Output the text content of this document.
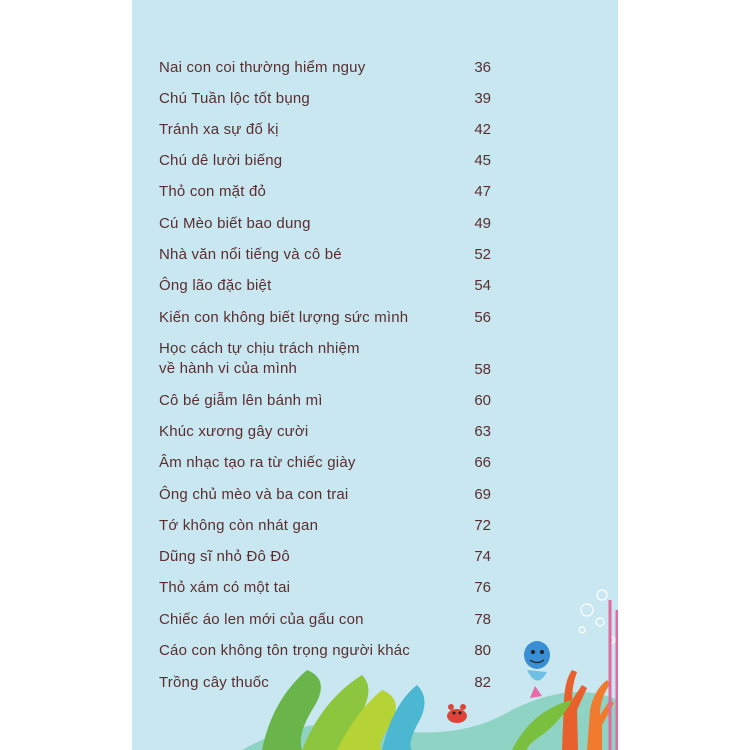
Nai con coi thường hiểm nguy	36
Chú Tuần lộc tốt bụng	39
Tránh xa sự đố kị	42
Chú dê lười biếng	45
Thỏ con mặt đỏ	47
Cú Mèo biết bao dung	49
Nhà văn nổi tiếng và cô bé	52
Ông lão đặc biệt	54
Kiến con không biết lượng sức mình	56
Học cách tự chịu trách nhiệm
về hành vi của mình	58
Cô bé giẫm lên bánh mì	60
Khúc xương gây cười	63
Âm nhạc tạo ra từ chiếc giày	66
Ông chủ mèo và ba con trai	69
Tớ không còn nhát gan	72
Dũng sĩ nhỏ Đô Đô	74
Thỏ xám có một tai	76
Chiếc áo len mới của gấu con	78
Cáo con không tôn trọng người khác	80
Trồng cây thuốc	82
